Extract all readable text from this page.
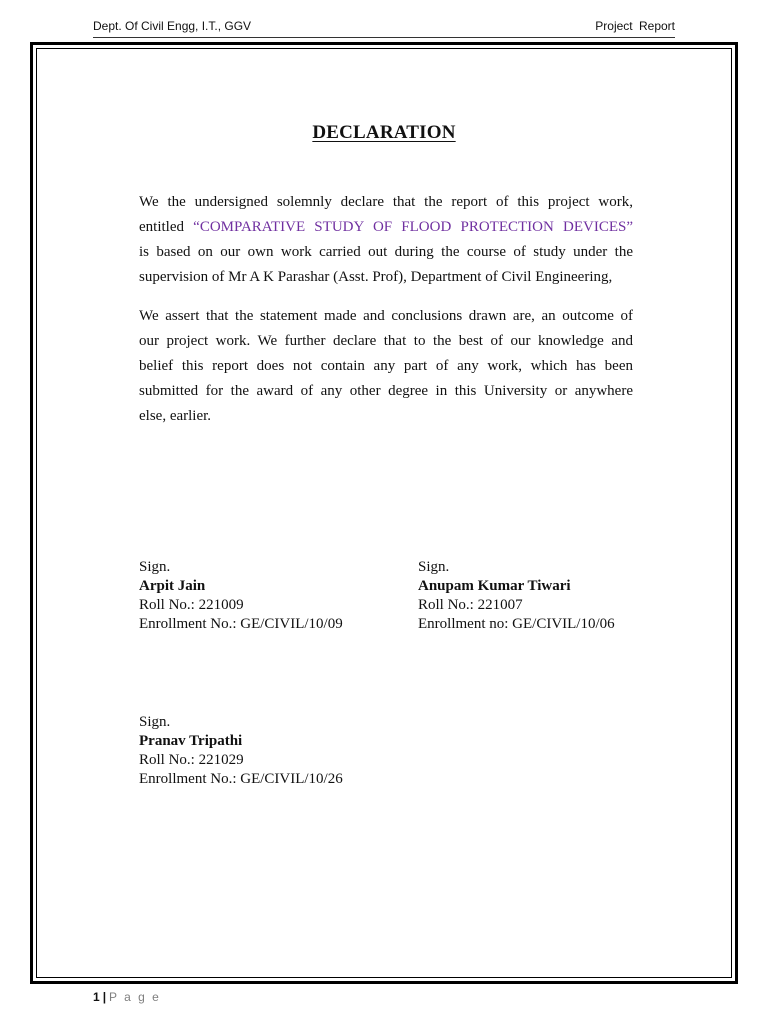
Dept. Of Civil Engg, I.T., GGV	Project Report
DECLARATION

We the undersigned solemnly declare that the report of this project work,
entitled “COMPARATIVE STUDY OF FLOOD PROTECTION DEVICES”
is based on our own work carried out during the course of study under the
supervision of Mr A K Parashar (Asst. Prof), Department of Civil Engineering,

We assert that the statement made and conclusions drawn are, an outcome of
our project work. We further declare that to the best of our knowledge and
belief this report does not contain any part of any work, which has been
submitted for the award of any other degree in this University or anywhere
else, earlier.

Sign.
Arpit Jain
Roll No.: 221009
Enrollment No.: GE/CIVIL/10/09
Sign.
Anupam Kumar Tiwari
Roll No.: 221007
Enrollment no: GE/CIVIL/10/06
Sign.
Pranav Tripathi
Roll No.: 221029
Enrollment No.: GE/CIVIL/10/26
1 | P a g e
